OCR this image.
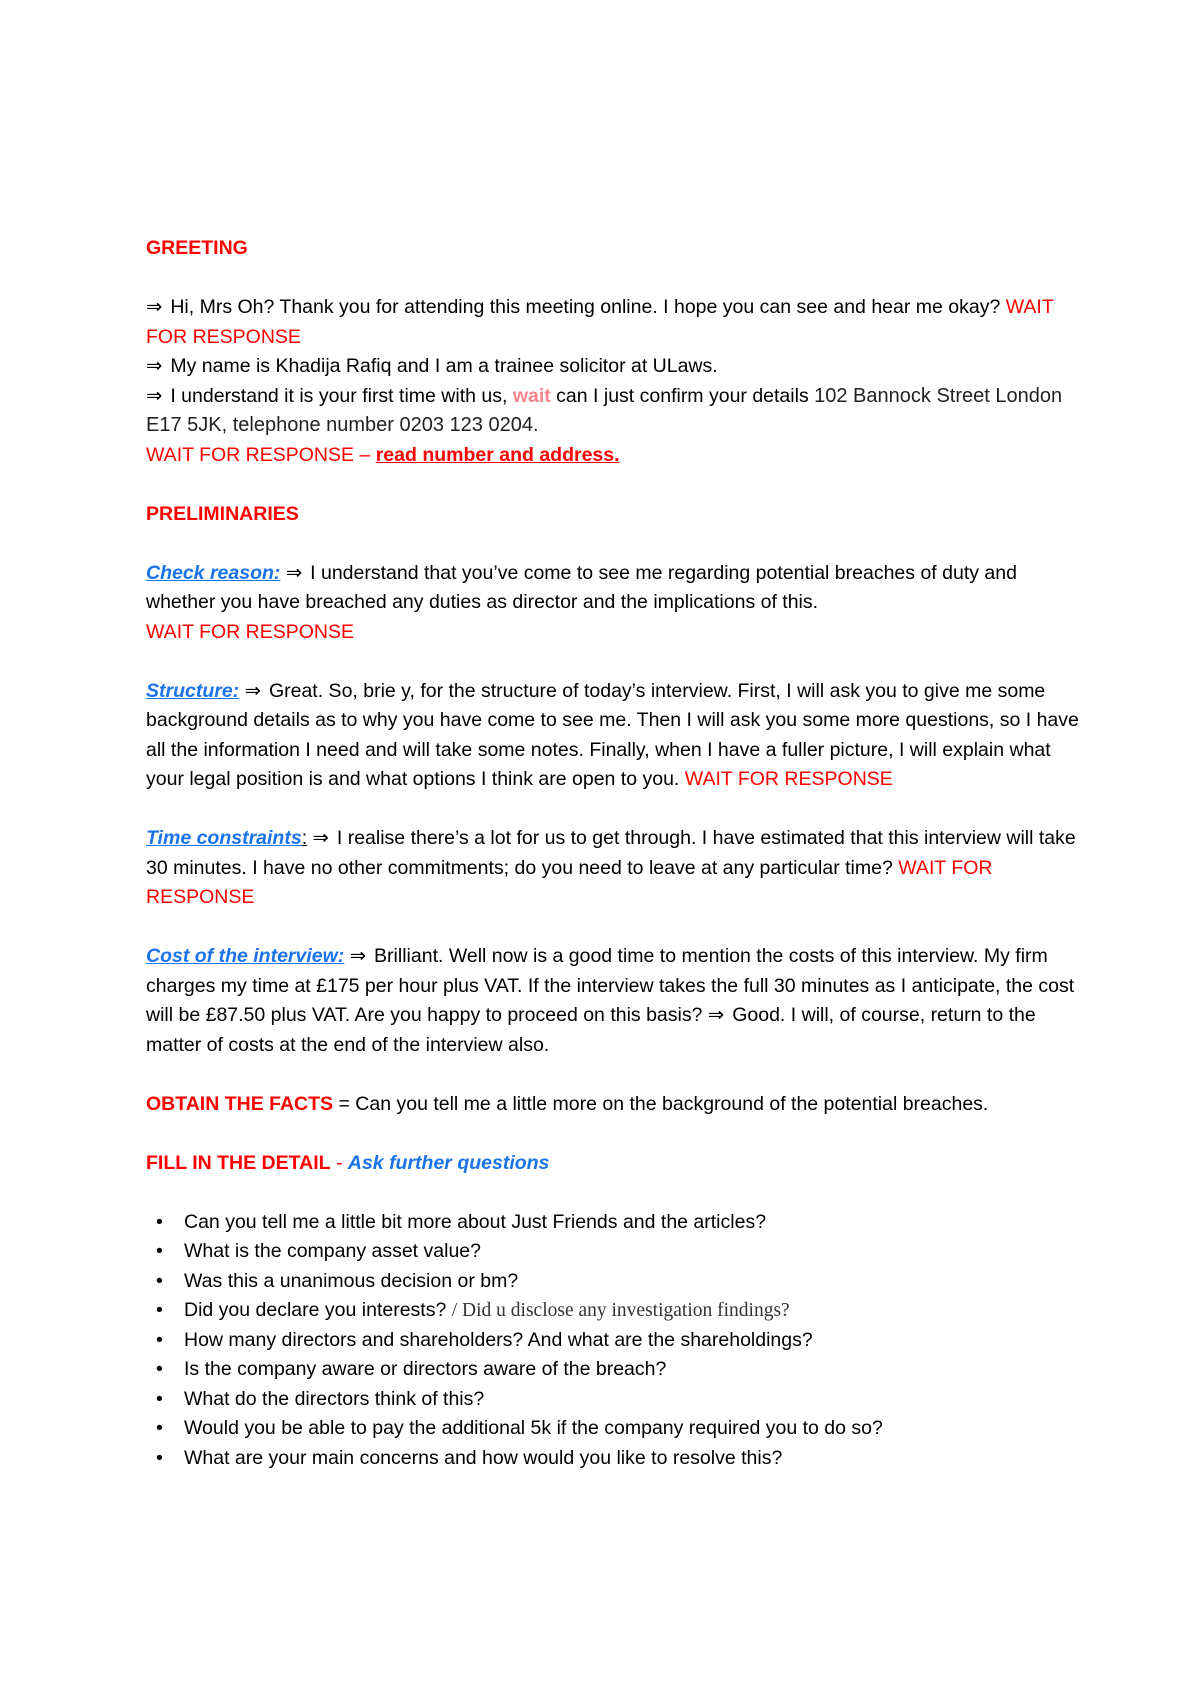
GREETING

⇒ Hi, Mrs Oh? Thank you for attending this meeting online. I hope you can see and hear me okay? WAIT FOR RESPONSE

⇒ My name is Khadija Rafiq and I am a trainee solicitor at ULaws.

⇒ I understand it is your first time with us, wait can I just confirm your details 102 Bannock Street London E17 5JK, telephone number 0203 123 0204.

WAIT FOR RESPONSE – read number and address.

PRELIMINARIES

Check reason: ⇒ I understand that you’ve come to see me regarding potential breaches of duty and whether you have breached any duties as director and the implications of this.
WAIT FOR RESPONSE

Structure: ⇒ Great. So, brie y, for the structure of today’s interview. First, I will ask you to give me some background details as to why you have come to see me. Then I will ask you some more questions, so I have all the information I need and will take some notes. Finally, when I have a fuller picture, I will explain what your legal position is and what options I think are open to you. WAIT FOR RESPONSE

Time constraints: ⇒ I realise there’s a lot for us to get through. I have estimated that this interview will take 30 minutes. I have no other commitments; do you need to leave at any particular time? WAIT FOR RESPONSE

Cost of the interview: ⇒ Brilliant. Well now is a good time to mention the costs of this interview. My firm charges my time at £175 per hour plus VAT. If the interview takes the full 30 minutes as I anticipate, the cost will be £87.50 plus VAT. Are you happy to proceed on this basis? ⇒ Good. I will, of course, return to the matter of costs at the end of the interview also.

OBTAIN THE FACTS = Can you tell me a little more on the background of the potential breaches.

FILL IN THE DETAIL - Ask further questions

• Can you tell me a little bit more about Just Friends and the articles?
• What is the company asset value?
• Was this a unanimous decision or bm?
• Did you declare you interests? / Did u disclose any investigation findings?
• How many directors and shareholders? And what are the shareholdings?
• Is the company aware or directors aware of the breach?
• What do the directors think of this?
• Would you be able to pay the additional 5k if the company required you to do so?
• What are your main concerns and how would you like to resolve this?
